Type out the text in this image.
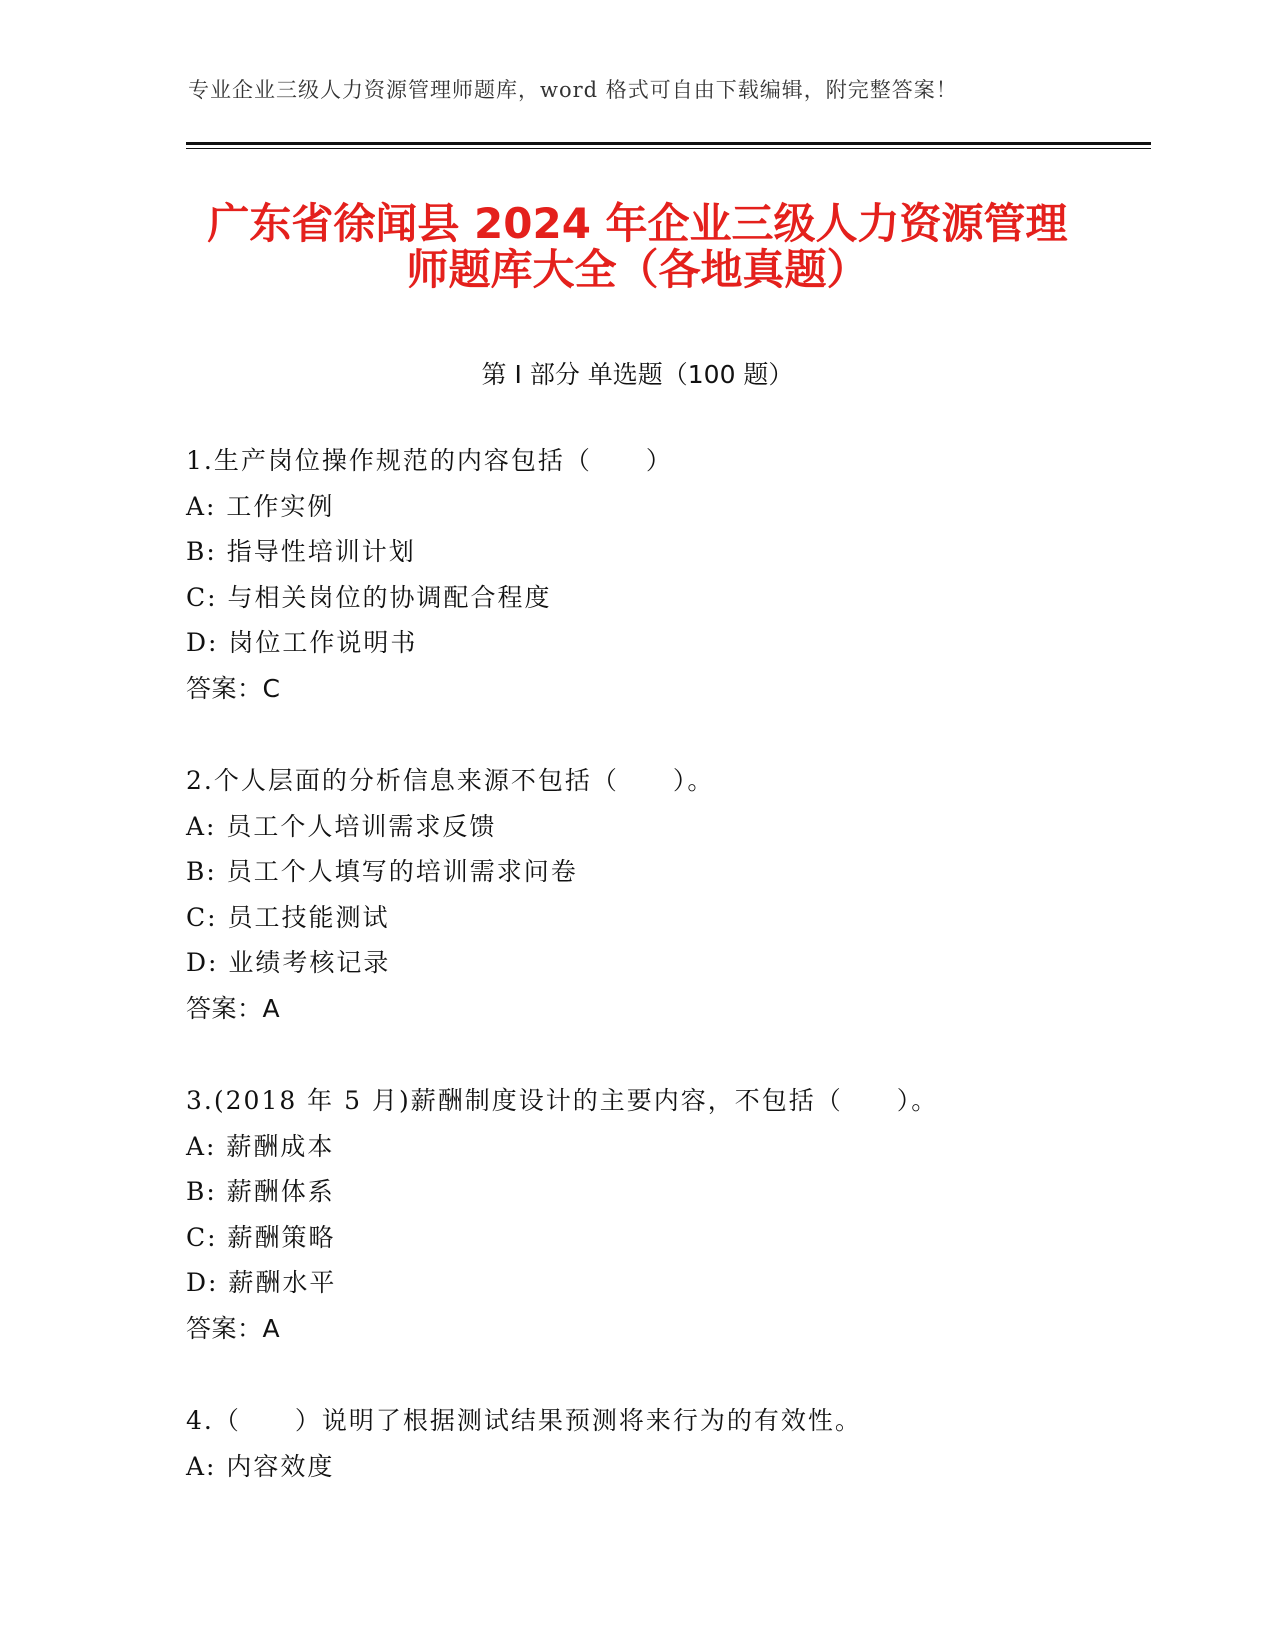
专业企业三级人力资源管理师题库，word 格式可自由下载编辑，附完整答案！
广东省徐闻县 2024 年企业三级人力资源管理
师题库大全（各地真题）
第 I 部分 单选题（100 题）
1.生产岗位操作规范的内容包括（　　）
A: 工作实例
B: 指导性培训计划
C: 与相关岗位的协调配合程度
D: 岗位工作说明书
答案：C
2.个人层面的分析信息来源不包括（　　）。
A: 员工个人培训需求反馈
B: 员工个人填写的培训需求问卷
C: 员工技能测试
D: 业绩考核记录
答案：A
3.(2018 年 5 月)薪酬制度设计的主要内容，不包括（　　）。
A: 薪酬成本
B: 薪酬体系
C: 薪酬策略
D: 薪酬水平
答案：A
4.（　　）说明了根据测试结果预测将来行为的有效性。
A: 内容效度
